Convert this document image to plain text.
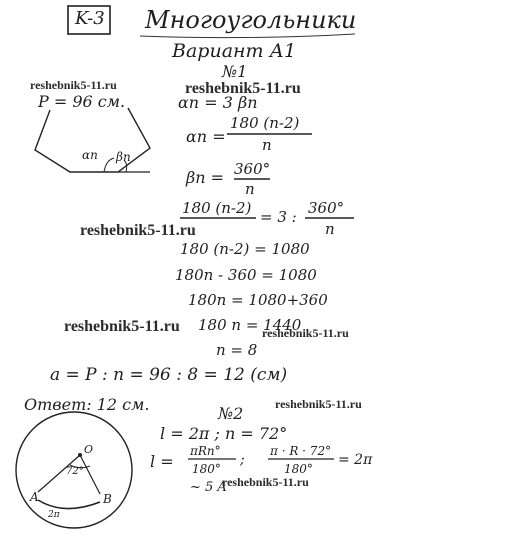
K-3 Многоугольники
Вариант А1
№1
P = 96 см.
αn βn
αn = 3 βn
αn =
180 (n-2)
n
βn = 360°
n
180 (n-2) = 3 : 360°
n
180 (n-2) = 1080
180n - 360 = 1080
180n = 1080+360
180 n = 1440
n = 8
a = P : n = 96 : 8 = 12 (см)
Ответ: 12 см.	№2
l = 2π ; n = 72°
l =
πRn°
180°
;
π · R · 72°
180°
= 2π
~ 5 A
O
72°
A	B
2π
reshebnik5-11.ru	reshebnik5-11.ru
reshebnik5-11.ru
reshebnik5-11.ru	reshebnik5-11.ru
reshebnik5-11.ru
reshebnik5-11.ru
